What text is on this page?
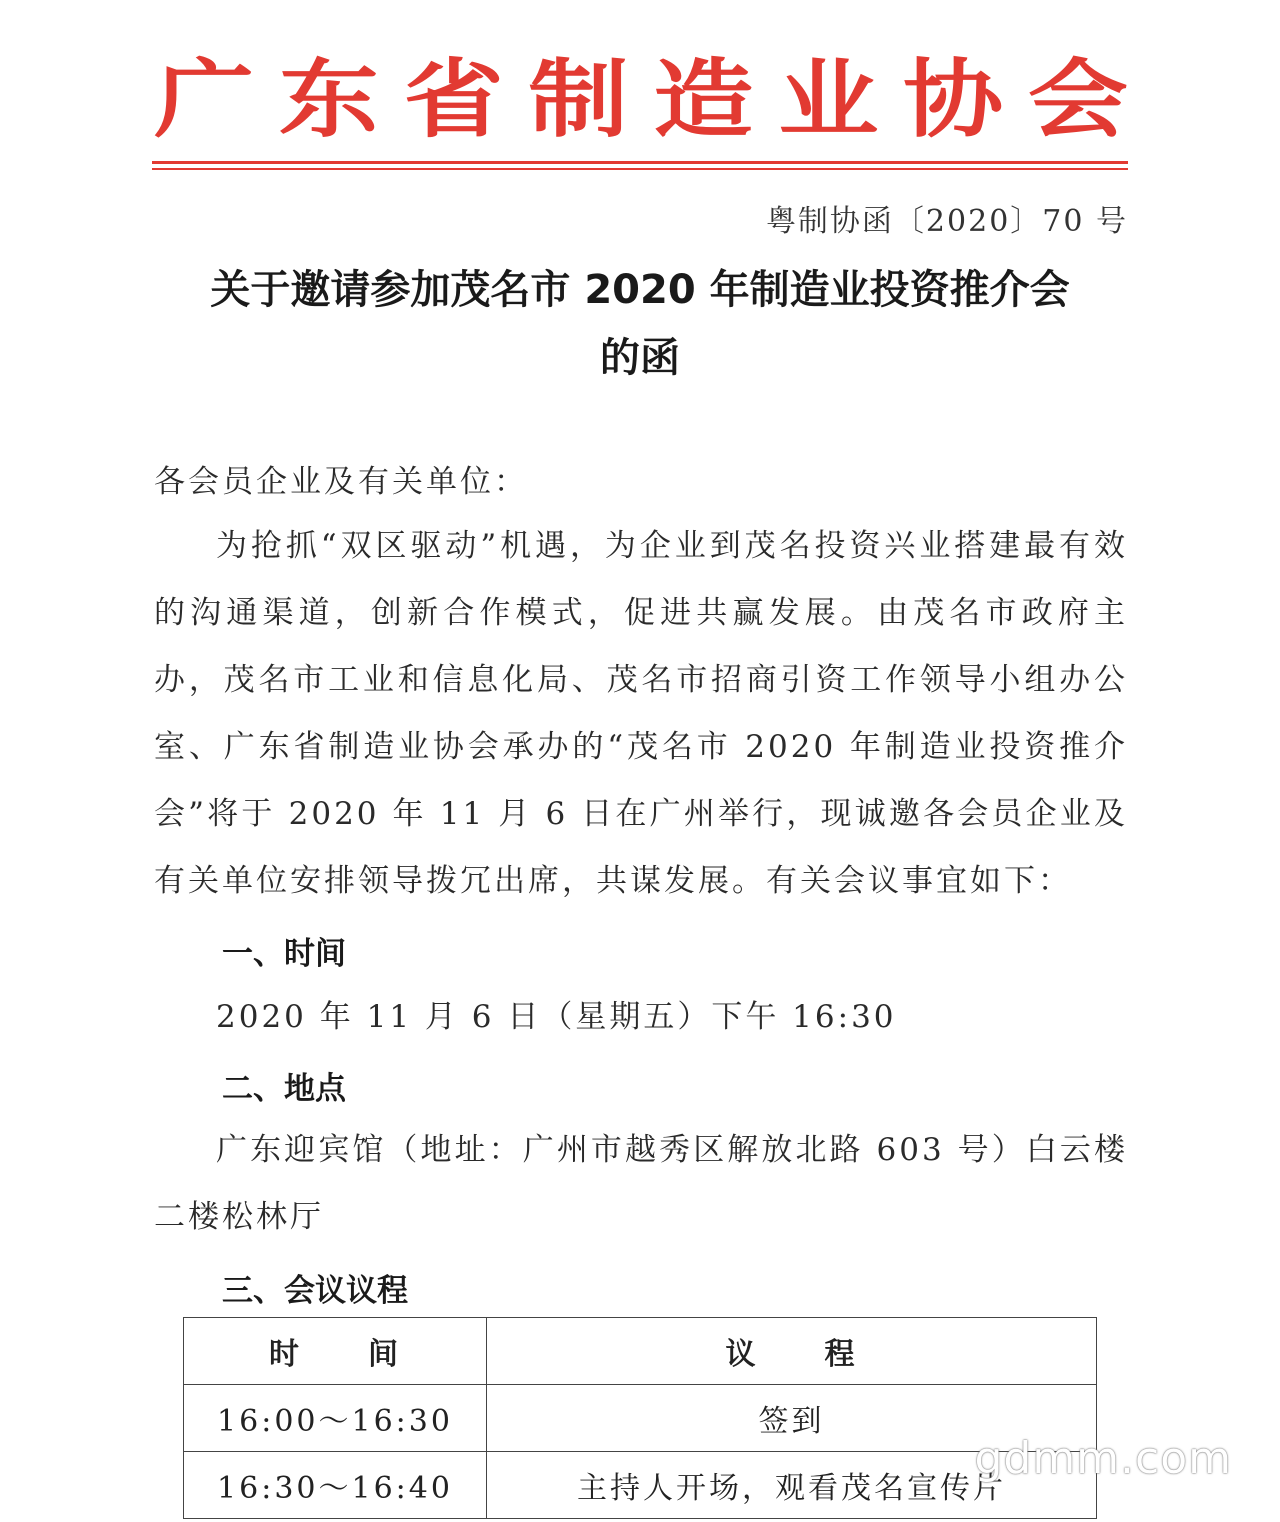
广 东 省 制 造 业 协 会
粤制协函〔2020〕70 号
关于邀请参加茂名市 2020 年制造业投资推介会
的函

各会员企业及有关单位：

为抢抓“双区驱动”机遇，为企业到茂名投资兴业搭建最有效的沟通渠道，创新合作模式，促进共赢发展。由茂名市政府主办，茂名市工业和信息化局、茂名市招商引资工作领导小组办公室、广东省制造业协会承办的“茂名市 2020 年制造业投资推介会”将于 2020 年 11 月 6 日在广州举行，现诚邀各会员企业及有关单位安排领导拨冗出席，共谋发展。有关会议事宜如下：

一、时间

2020 年 11 月 6 日（星期五）下午 16:30

二、地点

广东迎宾馆（地址：广州市越秀区解放北路 603 号）白云楼二楼松林厅

三、会议议程
时　　间	议　　程
16:00～16:30	签到
16:30～16:40	主持人开场，观看茂名宣传片
gdmm.com
